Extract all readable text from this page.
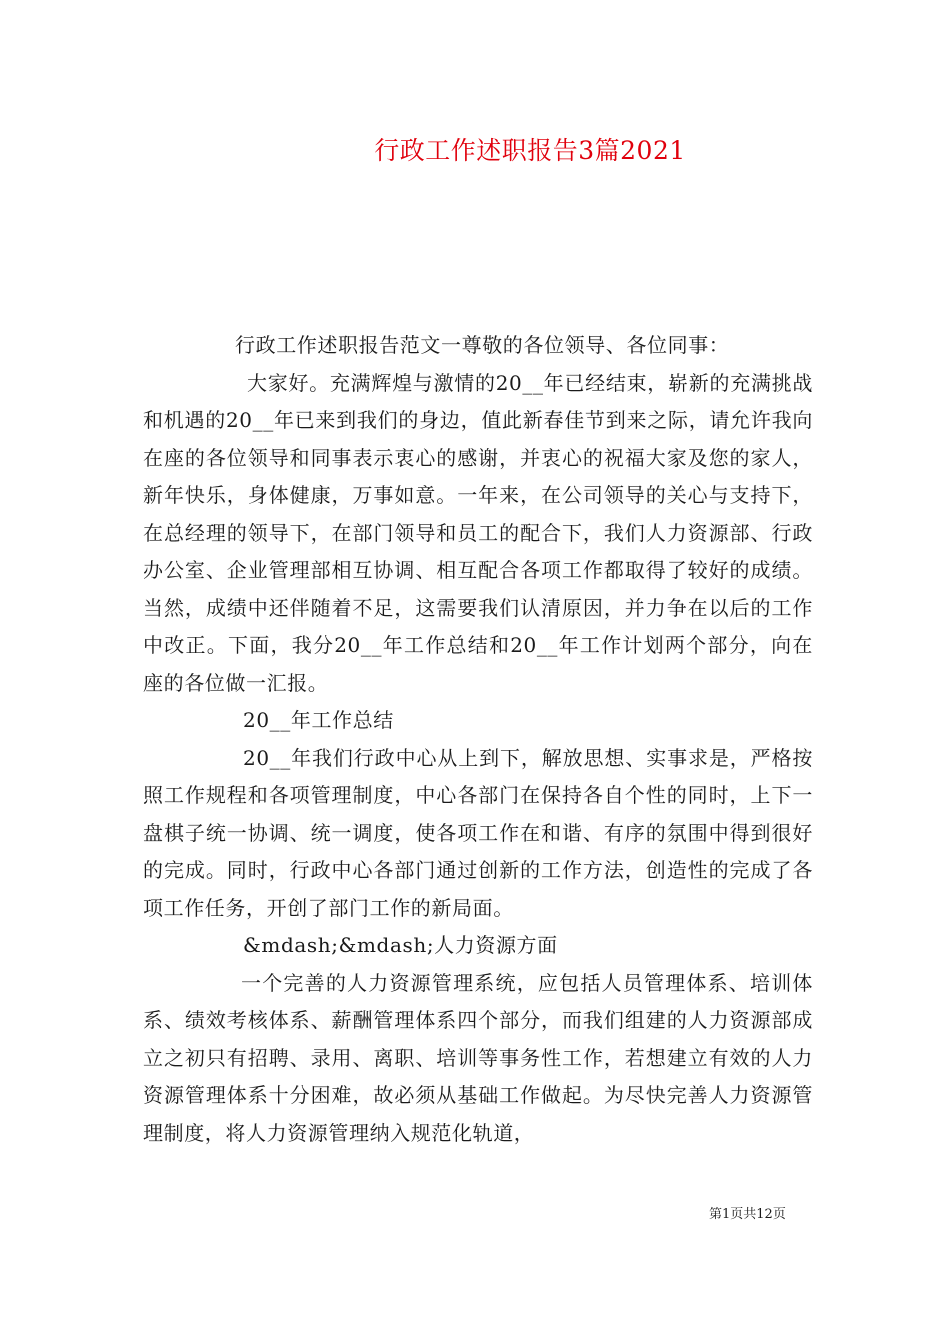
行政工作述职报告3篇2021

行政工作述职报告范文一尊敬的各位领导、各位同事：

大家好。充满辉煌与激情的20__年已经结束，崭新的充满挑战和机遇的20__年已来到我们的身边，值此新春佳节到来之际，请允许我向在座的各位领导和同事表示衷心的感谢，并衷心的祝福大家及您的家人，新年快乐，身体健康，万事如意。一年来，在公司领导的关心与支持下，在总经理的领导下，在部门领导和员工的配合下，我们人力资源部、行政办公室、企业管理部相互协调、相互配合各项工作都取得了较好的成绩。当然，成绩中还伴随着不足，这需要我们认清原因，并力争在以后的工作中改正。下面，我分20__年工作总结和20__年工作计划两个部分，向在座的各位做一汇报。

20__年工作总结

20__年我们行政中心从上到下，解放思想、实事求是，严格按照工作规程和各项管理制度，中心各部门在保持各自个性的同时，上下一盘棋子统一协调、统一调度，使各项工作在和谐、有序的氛围中得到很好的完成。同时，行政中心各部门通过创新的工作方法，创造性的完成了各项工作任务，开创了部门工作的新局面。

&mdash;&mdash;人力资源方面

一个完善的人力资源管理系统，应包括人员管理体系、培训体系、绩效考核体系、薪酬管理体系四个部分，而我们组建的人力资源部成立之初只有招聘、录用、离职、培训等事务性工作，若想建立有效的人力资源管理体系十分困难，故必须从基础工作做起。为尽快完善人力资源管理制度，将人力资源管理纳入规范化轨道，

第1页共12页
